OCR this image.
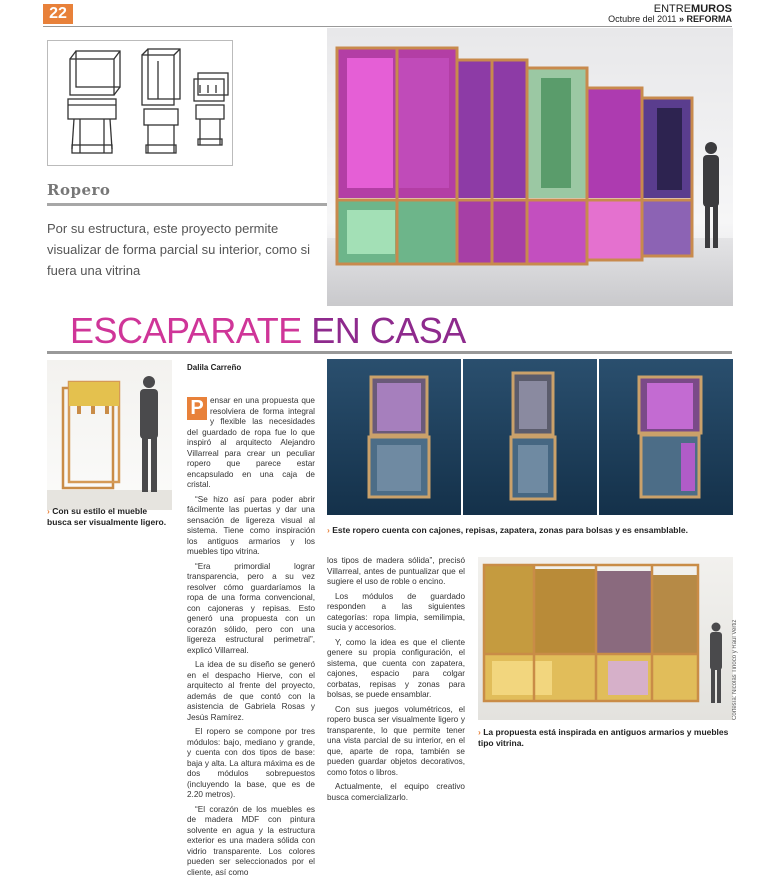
22	ENTREMUROS
Octubre del 2011 » REFORMA
Ropero
Por su estructura, este proyecto permite visualizar de forma parcial su interior, como si fuera una vitrina
ESCAPARATE EN CASA
› Con su estilo el mueble busca ser visualmente ligero.
Dalila Carreño

P ensar en una propuesta que resolviera de forma integral y flexible las necesidades del guardado de ropa fue lo que inspiró al arquitecto Alejandro Villarreal para crear un peculiar ropero que parece estar encapsulado en una caja de cristal.

“Se hizo así para poder abrir fácilmente las puertas y dar una sensación de ligereza visual al sistema. Tiene como inspiración los antiguos armarios y los muebles tipo vitrina.

“Era primordial lograr transparencia, pero a su vez resolver cómo guardaríamos la ropa de una forma convencional, con cajoneras y repisas. Esto generó una propuesta con un corazón sólido, pero con una ligereza estructural perimetral”, explicó Villarreal.

La idea de su diseño se generó en el despacho Hierve, con el arquitecto al frente del proyecto, además de que contó con la asistencia de Gabriela Rosas y Jesús Ramírez.

El ropero se compone por tres módulos: bajo, mediano y grande, y cuenta con dos tipos de base: baja y alta. La altura máxima es de dos módulos sobrepuestos (incluyendo la base, que es de 2.20 metros).

“El corazón de los muebles es de madera MDF con pintura solvente en agua y la estructura exterior es una madera sólida con vidrio transparente. Los colores pueden ser seleccionados por el cliente, así como

› Este ropero cuenta con cajones, repisas, zapatera, zonas para bolsas y es ensamblable.

los tipos de madera sólida”, precisó Villarreal, antes de puntualizar que el sugiere el uso de roble o encino.

Los módulos de guardado responden a las siguientes categorías: ropa limpia, semilimpia, sucia y accesorios.

Y, como la idea es que el cliente genere su propia configuración, el sistema, que cuenta con zapatera, cajones, espacio para colgar corbatas, repisas y zonas para bolsas, se puede ensamblar.

Con sus juegos volumétricos, el ropero busca ser visualmente ligero y transparente, lo que permite tener una vista parcial de su interior, en el que, aparte de ropa, también se pueden guardar objetos decorativos, como fotos o libros.

Actualmente, el equipo creativo busca comercializarlo.

Cortesía: Nicolás Tinoco y Raúl Vertiz
› La propuesta está inspirada en antiguos armarios y muebles tipo vitrina.
